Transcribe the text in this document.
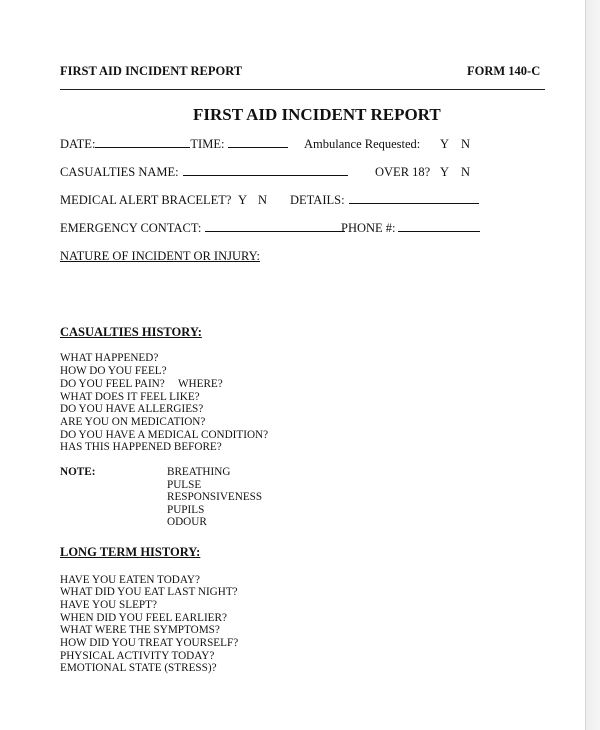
FIRST AID INCIDENT REPORT	FORM 140-C
FIRST AID INCIDENT REPORT
DATE:	TIME:	Ambulance Requested: Y N
CASUALTIES NAME:	OVER 18? Y N
MEDICAL ALERT BRACELET? Y N DETAILS:
EMERGENCY CONTACT:	PHONE #:
NATURE OF INCIDENT OR INJURY:
CASUALTIES HISTORY:
WHAT HAPPENED?
HOW DO YOU FEEL?
DO YOU FEEL PAIN? WHERE?
WHAT DOES IT FEEL LIKE?
DO YOU HAVE ALLERGIES?
ARE YOU ON MEDICATION?
DO YOU HAVE A MEDICAL CONDITION?
HAS THIS HAPPENED BEFORE?
NOTE:	BREATHING
PULSE
RESPONSIVENESS
PUPILS
ODOUR
LONG TERM HISTORY:
HAVE YOU EATEN TODAY?
WHAT DID YOU EAT LAST NIGHT?
HAVE YOU SLEPT?
WHEN DID YOU FEEL EARLIER?
WHAT WERE THE SYMPTOMS?
HOW DID YOU TREAT YOURSELF?
PHYSICAL ACTIVITY TODAY?
EMOTIONAL STATE (STRESS)?
